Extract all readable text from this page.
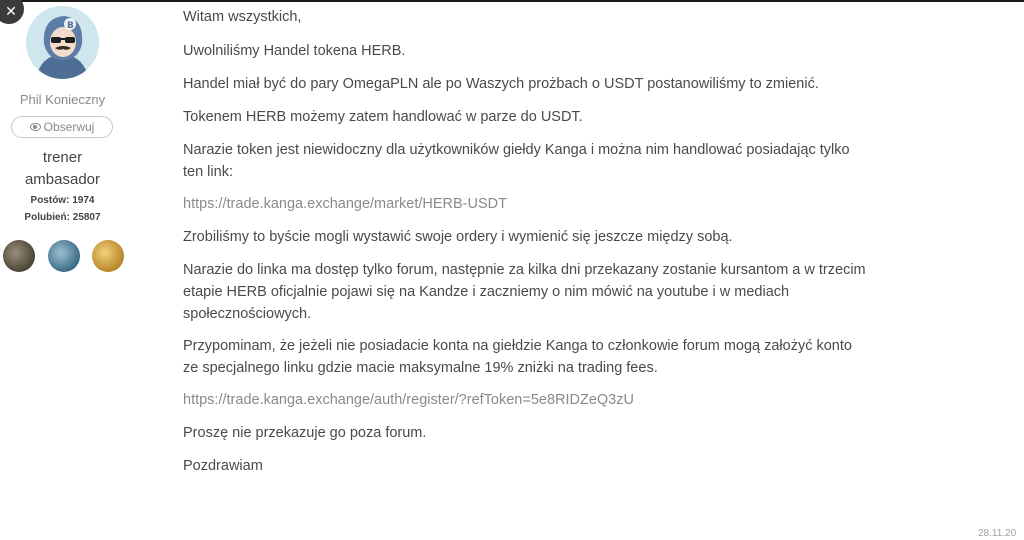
✕
B
Phil Konieczny
Obserwuj
trener
ambasador
Postów: 1974
Polubień: 25807

Witam wszystkich,

Uwolniliśmy Handel tokena HERB.

Handel miał być do pary OmegaPLN ale po Waszych prożbach o USDT postanowiliśmy to zmienić.

Tokenem HERB możemy zatem handlować w parze do USDT.

Narazie token jest niewidoczny dla użytkowników giełdy Kanga i można nim handlować posiadając tylko

ten link:

https://trade.kanga.exchange/market/HERB-USDT

Zrobiliśmy to byście mogli wystawić swoje ordery i wymienić się jeszcze między sobą.

Narazie do linka ma dostęp tylko forum, następnie za kilka dni przekazany zostanie kursantom a w trzecim

etapie HERB oficjalnie pojawi się na Kandze i zaczniemy o nim mówić na youtube i w mediach

społecznościowych.

Przypominam, że jeżeli nie posiadacie konta na giełdzie Kanga to członkowie forum mogą założyć konto

ze specjalnego linku gdzie macie maksymalne 19% zniżki na trading fees.

https://trade.kanga.exchange/auth/register/?refToken=5e8RIDZeQ3zU

Proszę nie przekazuje go poza forum.

Pozdrawiam

28.11.20
